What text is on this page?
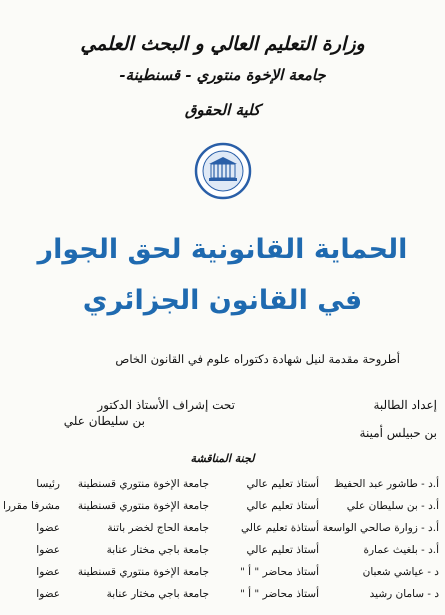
وزارة التعليم العالي و البحث العلمي
جامعة الإخوة منتوري - قسنطينة-
كلية الحقوق
الحماية القانونية لحق الجوار
في القانون الجزائري
أطروحة مقدمة لنيل شهادة دكتوراه علوم في القانون الخاص
إعداد الطالبة
بن حبيلس أمينة
تحت إشراف الأستاذ الدكتور
بن سليطان علي
لجنة المناقشة
أ.د - طاشور عبد الحفيظ
أستاذ تعليم عالي
جامعة الإخوة منتوري قسنطينة
رئيسا
أ.د - بن سليطان علي
أستاذ تعليم عالي
جامعة الإخوة منتوري قسنطينة
مشرفا مقررا
أ.د - زوارة صالحي الواسعة
أستاذة تعليم عالي
جامعة الحاج لخضر باتنة
عضوا
أ.د - بلغيث عمارة
أستاذ تعليم عالي
جامعة باجي مختار عنابة
عضوا
د - عياشي شعبان
أستاذ محاضر " أ "
جامعة الإخوة منتوري قسنطينة
عضوا
د - سامان رشيد
أستاذ محاضر " أ "
جامعة باجي مختار عنابة
عضوا
